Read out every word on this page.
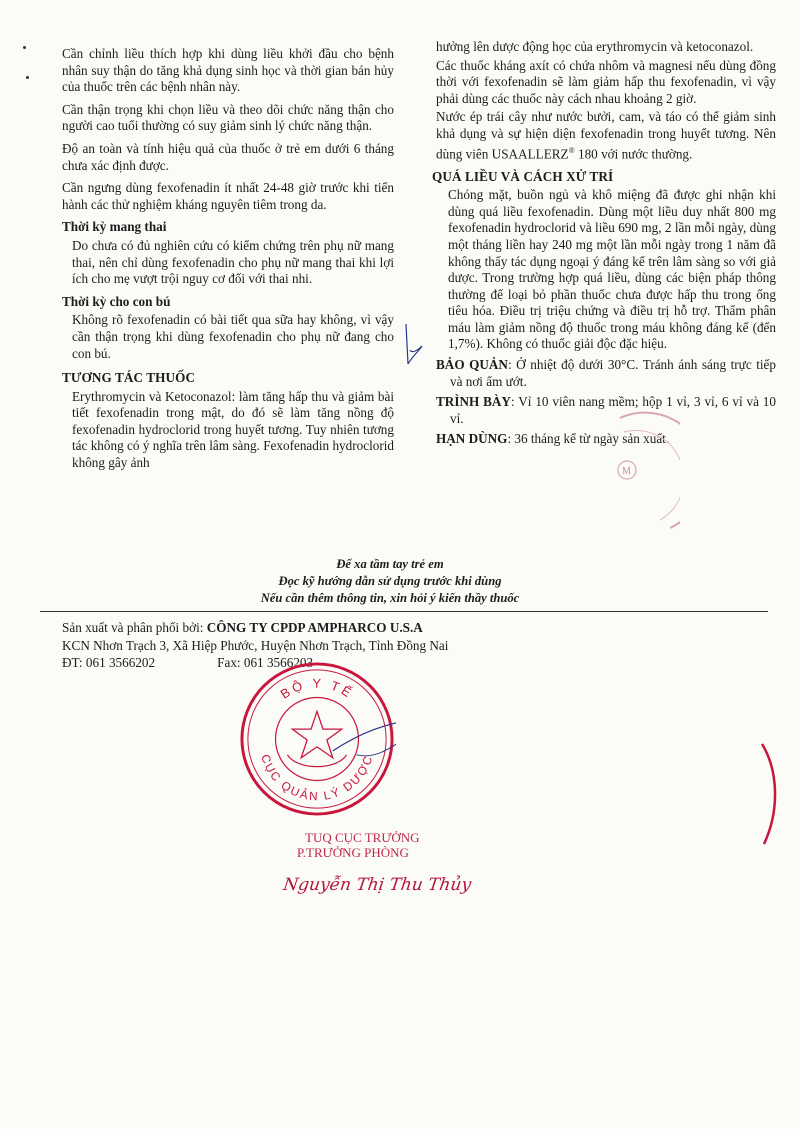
Cần chỉnh liều thích hợp khi dùng liều khởi đầu cho bệnh nhân suy thận do tăng khả dụng sinh học và thời gian bán hủy của thuốc trên các bệnh nhân này.

Cần thận trọng khi chọn liều và theo dõi chức năng thận cho người cao tuổi thường có suy giảm sinh lý chức năng thận.

Độ an toàn và tính hiệu quả của thuốc ở trẻ em dưới 6 tháng chưa xác định được.

Cần ngưng dùng fexofenadin ít nhất 24-48 giờ trước khi tiến hành các thử nghiệm kháng nguyên tiêm trong da.

Thời kỳ mang thai

Do chưa có đủ nghiên cứu có kiểm chứng trên phụ nữ mang thai, nên chỉ dùng fexofenadin cho phụ nữ mang thai khi lợi ích cho mẹ vượt trội nguy cơ đối với thai nhi.

Thời kỳ cho con bú

Không rõ fexofenadin có bài tiết qua sữa hay không, vì vậy cần thận trọng khi dùng fexofenadin cho phụ nữ đang cho con bú.

TƯƠNG TÁC THUỐC

Erythromycin và Ketoconazol: làm tăng hấp thu và giảm bài tiết fexofenadin trong mật, do đó sẽ làm tăng nồng độ fexofenadin hydroclorid trong huyết tương. Tuy nhiên tương tác không có ý nghĩa trên lâm sàng. Fexofenadin hydroclorid không gây ảnh

hưởng lên dược động học của erythromycin và ketoconazol.

Các thuốc kháng axít có chứa nhôm và magnesi nếu dùng đồng thời với fexofenadin sẽ làm giảm hấp thu fexofenadin, vì vậy phải dùng các thuốc này cách nhau khoảng 2 giờ.

Nước ép trái cây như nước bưởi, cam, và táo có thể giảm sinh khả dụng và sự hiện diện fexofenadin trong huyết tương. Nên dùng viên USAALLERZ® 180 với nước thường.

QUÁ LIỀU VÀ CÁCH XỬ TRÍ

Chóng mặt, buồn ngủ và khô miệng đã được ghi nhận khi dùng quá liều fexofenadin. Dùng một liều duy nhất 800 mg fexofenadin hydroclorid và liều 690 mg, 2 lần mỗi ngày, dùng một tháng liền hay 240 mg một lần mỗi ngày trong 1 năm đã không thấy tác dụng ngoại ý đáng kể trên lâm sàng so với giả dược. Trong trường hợp quá liều, dùng các biện pháp thông thường để loại bỏ phần thuốc chưa được hấp thu trong ống tiêu hóa. Điều trị triệu chứng và điều trị hỗ trợ. Thẩm phân máu làm giảm nồng độ thuốc trong máu không đáng kể (đến 1,7%). Không có thuốc giải độc đặc hiệu.

BẢO QUẢN: Ở nhiệt độ dưới 30°C. Tránh ánh sáng trực tiếp và nơi ẩm ướt.

TRÌNH BÀY: Vỉ 10 viên nang mềm; hộp 1 vỉ, 3 vỉ, 6 vỉ và 10 vỉ.

HẠN DÙNG: 36 tháng kể từ ngày sản xuất.

M
Để xa tầm tay trẻ em
Đọc kỹ hướng dẫn sử dụng trước khi dùng
Nếu cần thêm thông tin, xin hỏi ý kiến thầy thuốc
Sản xuất và phân phối bởi: CÔNG TY CPDP AMPHARCO U.S.A
KCN Nhơn Trạch 3, Xã Hiệp Phước, Huyện Nhơn Trạch, Tỉnh Đồng Nai
ĐT: 061 3566202	Fax: 061 3566203
BỘ Y TẾ
CỤC QUẢN LÝ DƯỢC
TUQ CỤC TRƯỞNG
P.TRƯỞNG PHÒNG
Nguyễn Thị Thu Thủy
